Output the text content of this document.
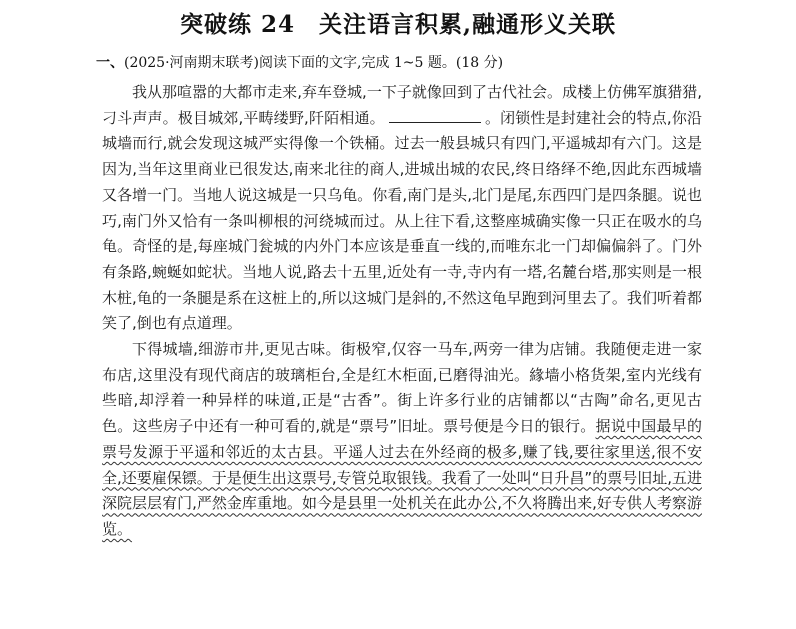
突破练 24　关注语言积累,融通形义关联
一、(2025·河南期末联考)阅读下面的文字,完成 1~5 题。(18 分)

我从那喧嚣的大都市走来,弃车登城,一下子就像回到了古代社会。成楼上仿佛军旗猎猎,刁斗声声。极目城郊,平畴缕野,阡陌相通。	。闭锁性是封建社会的特点,你沿城墙而行,就会发现这城严实得像一个铁桶。过去一般县城只有四门,平遥城却有六门。这是因为,当年这里商业已很发达,南来北往的商人,进城出城的农民,终日络绎不绝,因此东西城墙又各增一门。当地人说这城是一只乌龟。你看,南门是头,北门是尾,东西四门是四条腿。说也巧,南门外又恰有一条叫柳根的河绕城而过。从上往下看,这整座城确实像一只正在吸水的乌龟。奇怪的是,每座城门瓮城的内外门本应该是垂直一线的,而唯东北一门却偏偏斜了。门外有条路,蜿蜒如蛇状。当地人说,路去十五里,近处有一寺,寺内有一塔,名麓台塔,那实则是一根木桩,龟的一条腿是系在这桩上的,所以这城门是斜的,不然这龟早跑到河里去了。我们听着都笑了,倒也有点道理。

下得城墙,细游市井,更见古味。街极窄,仅容一马车,两旁一律为店铺。我随便走进一家布店,这里没有现代商店的玻璃柜台,全是红木柜面,已磨得油光。緣墙小格货架,室内光线有些暗,却浮着一种异样的味道,正是“古香”。街上许多行业的店铺都以“古陶”命名,更见古色。这些房子中还有一种可看的,就是“票号”旧址。票号便是今日的银行。据说中国最早的票号发源于平遥和邻近的太古县。平遥人过去在外经商的极多,赚了钱,要往家里送,很不安全,还要雇保镖。于是便生出这票号,专管兑取银钱。我看了一处叫“日升昌”的票号旧址,五进深院层层宥门,严然金库重地。如今是县里一处机关在此办公,不久将腾出来,好专供人考察游览。
